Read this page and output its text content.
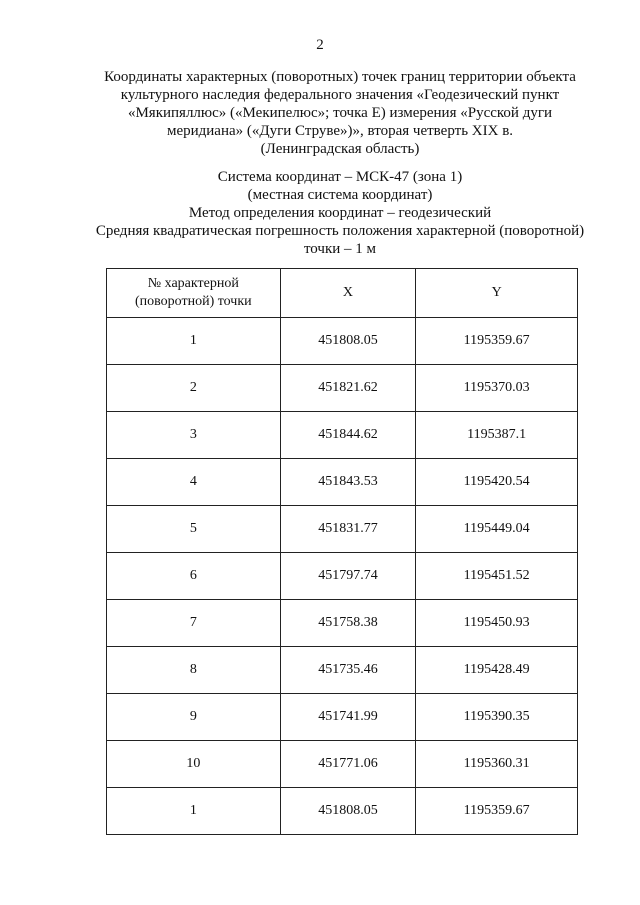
2
Координаты характерных (поворотных) точек границ территории объекта
культурного наследия федерального значения «Геодезический пункт
«Мякипяллюс» («Мекипелюс»; точка Е) измерения «Русской дуги
меридиана» («Дуги Струве»)», вторая четверть XIX в.
(Ленинградская область)
Система координат – МСК-47 (зона 1)
(местная система координат)
Метод определения координат – геодезический
Средняя квадратическая погрешность положения характерной (поворотной)
точки – 1 м
№ характерной
(поворотной) точки	X	Y
1	451808.05	1195359.67
2	451821.62	1195370.03
3	451844.62	1195387.1
4	451843.53	1195420.54
5	451831.77	1195449.04
6	451797.74	1195451.52
7	451758.38	1195450.93
8	451735.46	1195428.49
9	451741.99	1195390.35
10	451771.06	1195360.31
1	451808.05	1195359.67
